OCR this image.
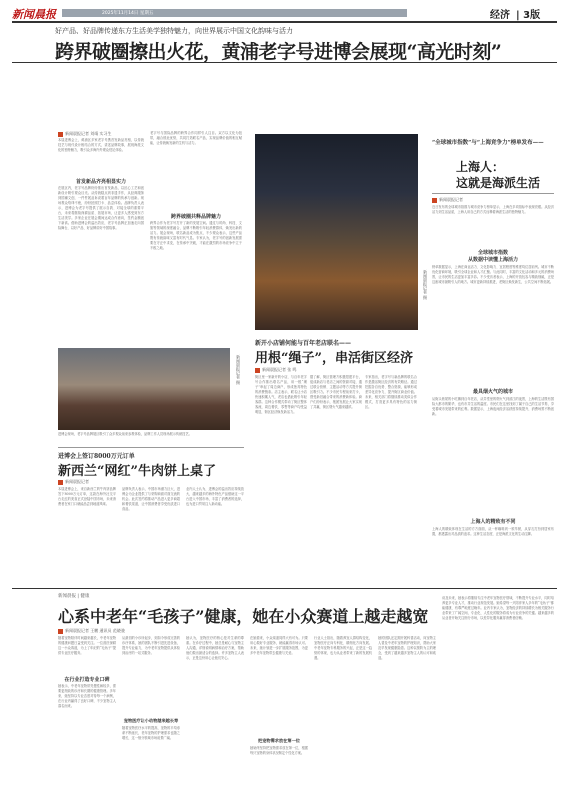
新闻晨报	2025年11月14日 星期五	经济 | 3版
好产品、好品牌传递东方生活美学独特魅力，向世界展示中国文化韵味与活力
跨界破圈擦出火花，黄浦老字号进博会展现“高光时刻”
新闻晨报记者 刘靖 实习生
本届进博会上，黄浦区多家老字号携首发新品亮相，以传统技艺与现代设计相结合的方式，讲述品牌故事，展现海派文化的独特魅力，吸引众多海内外观众驻足体验。
首发新品齐亮相显实力
在展区内，老字号品牌纷纷推出首发新品，以匠心工艺和创新设计吸引观众目光。从传统糕点到非遗手作，从经典服饰到国潮文创，一件件展品诉说着百年品牌的传承与创新。现场观众络绎不绝，纷纷拍照打卡、品尝体验。品牌负责人表示，进博会为老字号提供了展示自我、对接全球的重要平台，未来将继续深耕品质、拓展市场，让更多人感受到东方生活美学。多家企业在展会期间达成合作意向，签约金额创下新高。借助进博会的溢出效应，老字号品牌正加速走向国际舞台，以好产品、好品牌讲好中国故事。
老字号与国际品牌的跨界合作同样引人注目。双方以文化为纽带，融合彼此优势，共同打造联名产品，实现品牌价值的相互赋能，让传统焕发新的生机与活力。
跨界破圈共释品牌魅力
跨界合作为老字号打开了新的发展空间。通过与时尚、科技、文旅等领域的深度融合，品牌不断吸引年轻消费群体，焕发出新的活力。展会现场，联名新品成为焦点，不少观众表示，这些产品既有传统韵味又富有时代气息。专家认为，老字号的创新发展需要在守正中求变，在传承中突破，才能在激烈的市场竞争中立于不败之地。
新闻晨报记者 摄
进博会现场，老字号品牌展区吸引了众多观众前来参观体验，品牌工作人员现场展示传统技艺。
进博会上签订8000万元订单
新西兰“网红”牛肉饼上桌了
新闻晨报记者
本届进博会上，来自新西兰的牛肉饼品牌签下8000万元订单，这款在海外社交平台走红的美食正式登陆中国市场，未来消费者在家门口就能品尝到地道风味。
品牌负责人表示，中国市场潜力巨大，进博会为企业提供了与采购商面对面交流的机会。此次签约将推动产品进入更多商超和餐饮渠道，让中国消费者享受优质进口食品。
业内人士认为，进博会的溢出效应持续放大，越来越多的海外特色产品借助这一平台进入中国市场，丰富了消费者的选择，也为进口贸易注入新动能。
新闻晨报记者 摄
新开小店铺何能与百年老店联名——
用根“绳子”，串活街区经济
新闻晨报记者 张 鸣
街区里一家新开的小店，与百年老字号合作推出联名产品，用一根“绳子”串起了周边商户，形成独具特色的消费链条。店主表示，联名让小店快速积累人气，老店也借此吸引年轻客群。这种合作模式带动了街区整体客流，周边餐饮、零售等商户均受益明显，街区经济焕发新活力。
据了解，街区管理方积极搭建平台，促成新店与老店之间的资源对接，通过联合营销、主题活动等方式提升街区吸引力。不少市民专程前来打卡，感受新旧融合带来的消费新体验。商户们纷纷表示，抱团发展让大家实现了共赢，街区烟火气越来越浓。
专家指出，老字号与新品牌的联名合作是激活街区经济的有效路径。通过挖掘各自优势、整合资源，能够形成差异化竞争力，提升街区商业价值。未来，相关部门将继续推动类似合作模式，打造更多具有特色的活力街区。
“全球城市指数”与“上海竞争力”榜单发布——
上海人：
这就是海派生活
新闻晨报记者
近日发布的全球城市指数与城市竞争力榜单显示，上海在多项指标中表现亮眼。从经济活力到生活品质，上海人用自己的方式诠释着海派生活的独特魅力。
全球城市指数
从数据中读懂上海活力
榜单数据显示，上海在商业活力、文化影响力、宜居程度等维度均位居前列。城市不断优化营商环境，吸引全球企业和人才汇聚。与此同时，丰富的文化活动和多元的消费场景，让市民的生活更加丰富多彩。不少受访者表示，上海的开放包容与精致细腻，正是这座城市最吸引人的地方。城市更新持续推进，老街区焕发新生，公共空间不断拓展。
最具烟火气的城市
从街头巷尾的小吃摊到百年老店，从弄堂里的烟火气到滨江的夜景，上海的生活既有国际大都市的繁华，也有市井生活的温度。市民们在这里找到了属于自己的生活节奏，享受着城市发展带来的红利。数据显示，上海夜间经济活跃度持续提升，消费场景不断创新。
上海人的精致有不同
上海人的精致体现在生活的方方面面，从一杯咖啡到一顿早餐，从穿衣打扮到居家布置，都透露出对品质的追求。这种生活态度，正是海派文化的生动注脚。
新闻晨报 | 健康
心系中老年“毛孩子”健康，她在小众赛道上越走越宽
新闻晨报记者 王鹏 通讯员 范晓骏
随着宠物陪伴时间越来越长，中老年宠物的健康问题日益受到关注。一位兽医深耕这一小众赛道，为上了年纪的“毛孩子”提供专业医疗服务。
在行业打造专业口碑
她表示，中老年宠物常见慢性病较多，需要更细致的诊疗和长期的健康管理。多年来，她坚持以专业态度对待每一个病例，在行业内赢得了良好口碑，不少宠物主人慕名而来。
从最初的小诊所起步，到如今形成完善的诊疗体系，她的团队不断引进先进设备，提升专业能力，为中老年宠物提供从体检到治疗的一站式服务。
宠物医疗让小动物越来越长寿
随着宠物医疗水平的提高，宠物的平均寿命不断延长，老年宠物的护理需求也随之增长，这一细分领域市场前景广阔。
她认为，宠物医疗的核心是对生命的尊重。在诊疗过程中，她总是耐心与宠物主人沟通，详细说明病情和治疗方案，帮助他们做出最适合的选择。许多宠物主人表示，正是这份用心让他们安心。
在她看来，小众赛道同样大有可为。只要用心做好专业服务，就能赢得市场认可。未来，她计划进一步扩展服务范围，为更多中老年宠物带去健康与关爱。
把宠物需求放在第一位
她始终坚持把宠物需求放在第一位，根据每只宠物的身体状况制定个性化方案。
行业人士指出，随着养宠人群结构变化，宠物医疗正向专科化、精细化方向发展。中老年宠物专科服务的兴起，正是这一趋势的体现，也为从业者带来了新的发展机遇。
她的团队还定期开展科普活动，向宠物主人普及中老年宠物的护理知识，帮助大家及早发现健康隐患。这种以预防为主的理念，受到了越来越多宠物主人的认可和欢迎。
谈及未来，她表示将继续专注中老年宠物医疗领域，不断提升专业水平，同时培养更多专业人才，推动行业规范发展。她希望每一只陪伴家人多年的“毛孩子”都能健康、有尊严地度过晚年。业内专家认为，宠物经济的持续增长为相关服务行业带来了广阔空间，专业化、人性化的服务将成为行业竞争的关键。越来越多的从业者开始关注细分市场，以差异化服务赢得消费者信赖。
